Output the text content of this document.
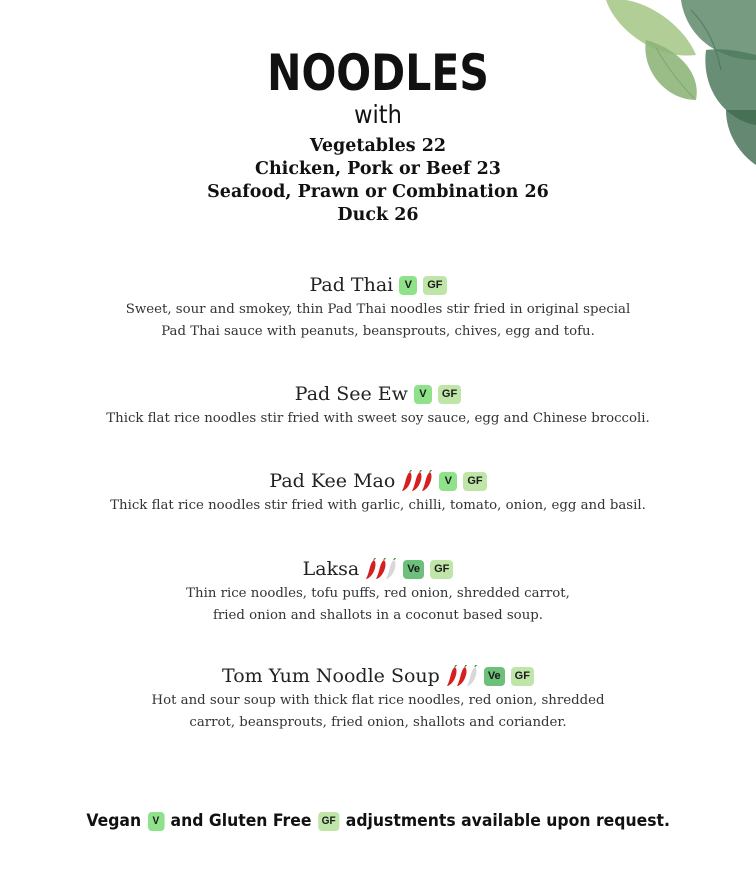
NOODLES
with
Vegetables 22
Chicken, Pork or Beef 23
Seafood, Prawn or Combination 26
Duck 26
Pad Thai	V	GF
Sweet, sour and smokey, thin Pad Thai noodles stir fried in original special
Pad Thai sauce with peanuts, beansprouts, chives, egg and tofu.
Pad See Ew	V	GF
Thick flat rice noodles stir fried with sweet soy sauce, egg and Chinese broccoli.
Pad Kee Mao	V	GF
Thick flat rice noodles stir fried with garlic, chilli, tomato, onion, egg and basil.
Laksa	Ve	GF
Thin rice noodles, tofu puffs, red onion, shredded carrot,
fried onion and shallots in a coconut based soup.
Tom Yum Noodle Soup	Ve	GF
Hot and sour soup with thick flat rice noodles, red onion, shredded
carrot, beansprouts, fried onion, shallots and coriander.
Vegan	V and Gluten Free GF adjustments available upon request.
